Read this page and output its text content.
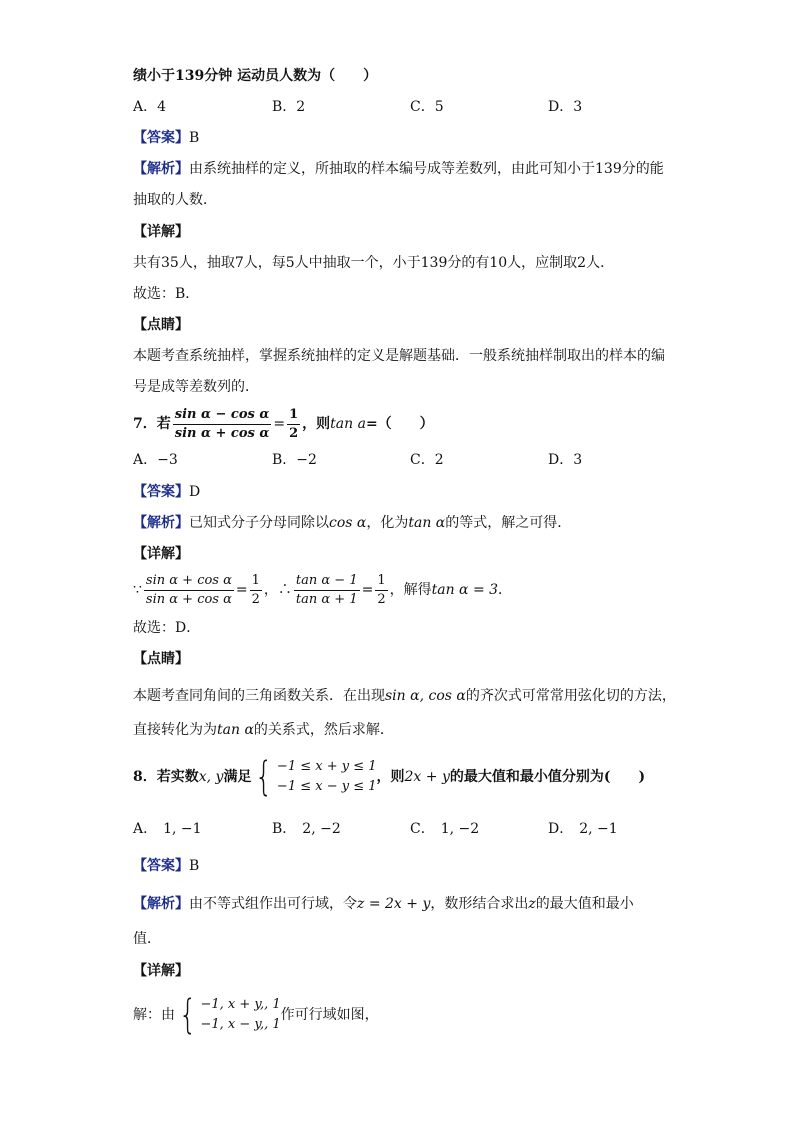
绩小于139分钟 运动员人数为（　　）
A．4	B．2	C．5	D．3
【答案】B
【解析】由系统抽样的定义，所抽取的样本编号成等差数列，由此可知小于139分的能
抽取的人数．
【详解】
共有35人，抽取7人，每5人中抽取一个，小于139分的有10人，应制取2人．
故选：B．
【点睛】
本题考查系统抽样，掌握系统抽样的定义是解题基础．一般系统抽样制取出的样本的编
号是成等差数列的．
7．若 $\frac{\text{sin α − cos α}}{\text{sin α + cos α}} = \frac{1}{2}$ ，则tan a=（　　）
A．−3	B．−2	C．2	D．3
【答案】D
【解析】已知式分子分母同除以cos α，化为tan α的等式，解之可得．
【详解】
∵ $\frac{\text{sin α + cos α}}{\text{sin α + cos α}} = \frac{1}{2}$ ，∴ $\frac{\text{tan α − 1}}{\text{tan α + 1}} = \frac{1}{2}$ ，解得tan α = 3．
故选：D．
【点睛】
本题考查同角间的三角函数关系．在出现sin α, cos α的齐次式可常常用弦化切的方法，
直接转化为为tan α的关系式，然后求解．
8．若实数x, y满足 { −1 ≤ x + y ≤ 1
−1 ≤ x − y ≤ 1
，则2x + y的最大值和最小值分别为(　　)
A． 1, −1	B． 2, −2	C． 1, −2	D． 2, −1
【答案】B
【解析】由不等式组作出可行域，令z = 2x + y，数形结合求出z的最大值和最小
值．
【详解】
解：由 { −1, x + y,, 1
−1, x − y,, 1
作可行域如图，
